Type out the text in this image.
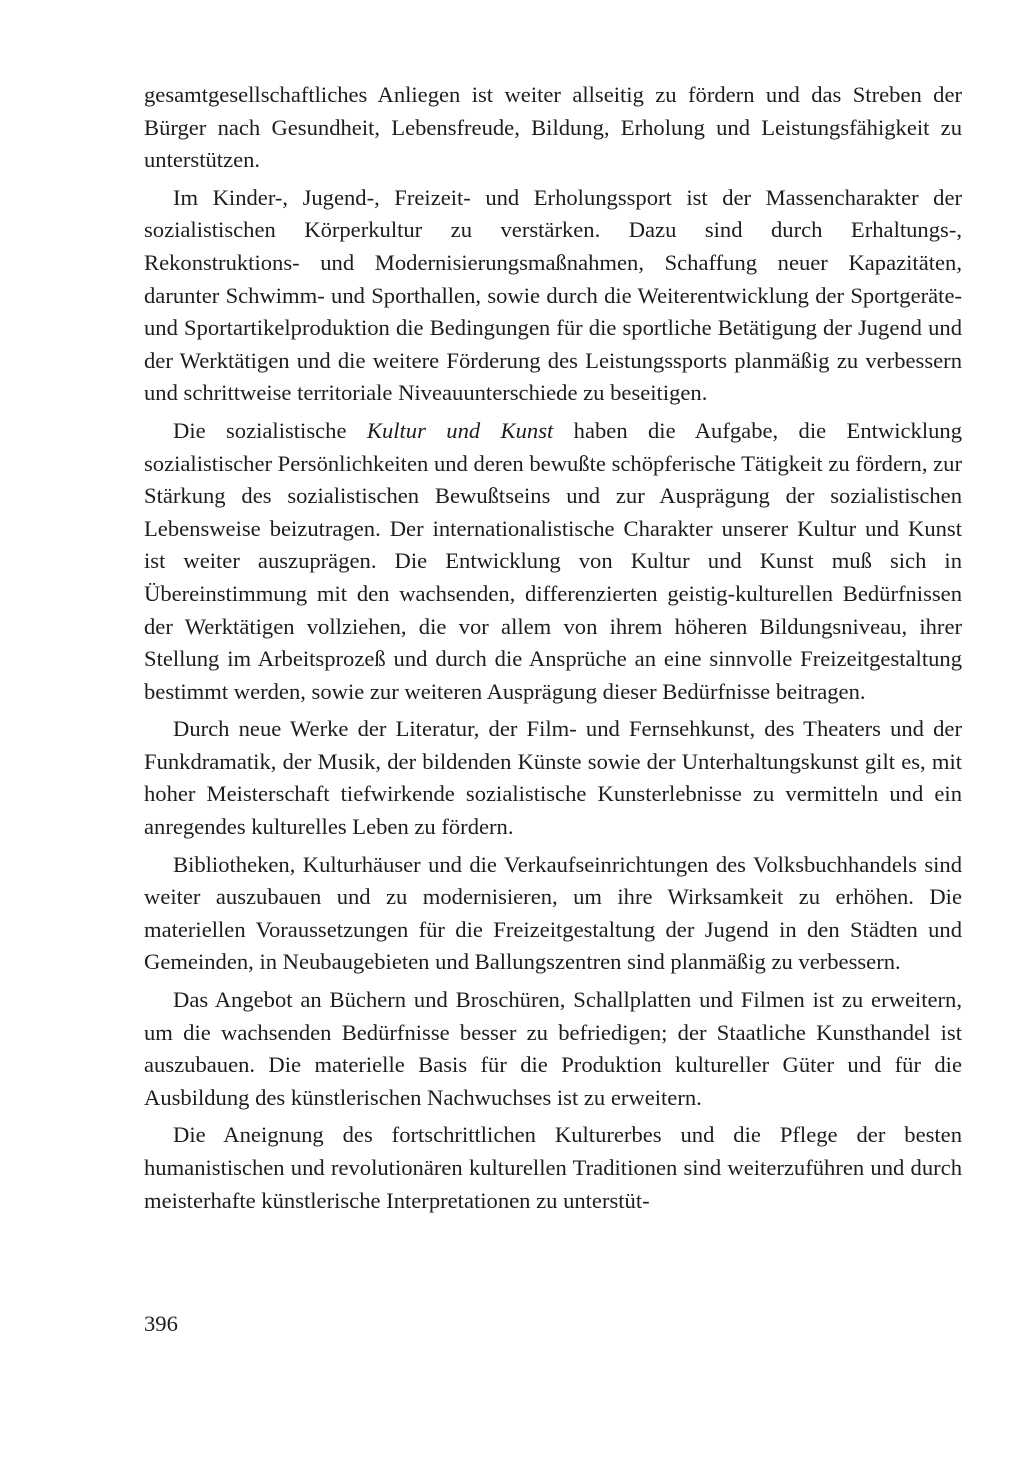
gesamtgesellschaftliches Anliegen ist weiter allseitig zu fördern und das Streben der Bürger nach Gesundheit, Lebensfreude, Bildung, Erholung und Leistungsfähigkeit zu unterstützen.

Im Kinder-, Jugend-, Freizeit- und Erholungssport ist der Massencharakter der sozialistischen Körperkultur zu verstärken. Dazu sind durch Erhaltungs-, Rekonstruktions- und Modernisierungsmaßnahmen, Schaffung neuer Kapazitäten, darunter Schwimm- und Sporthallen, sowie durch die Weiterentwicklung der Sportgeräte- und Sportartikelproduktion die Bedingungen für die sportliche Betätigung der Jugend und der Werktätigen und die weitere Förderung des Leistungssports planmäßig zu verbessern und schrittweise territoriale Niveauunterschiede zu beseitigen.

Die sozialistische Kultur und Kunst haben die Aufgabe, die Entwicklung sozialistischer Persönlichkeiten und deren bewußte schöpferische Tätigkeit zu fördern, zur Stärkung des sozialistischen Bewußtseins und zur Ausprägung der sozialistischen Lebensweise beizutragen. Der internationalistische Charakter unserer Kultur und Kunst ist weiter auszuprägen. Die Entwicklung von Kultur und Kunst muß sich in Übereinstimmung mit den wachsenden, differenzierten geistig-kulturellen Bedürfnissen der Werktätigen vollziehen, die vor allem von ihrem höheren Bildungsniveau, ihrer Stellung im Arbeitsprozeß und durch die Ansprüche an eine sinnvolle Freizeitgestaltung bestimmt werden, sowie zur weiteren Ausprägung dieser Bedürfnisse beitragen.

Durch neue Werke der Literatur, der Film- und Fernsehkunst, des Theaters und der Funkdramatik, der Musik, der bildenden Künste sowie der Unterhaltungskunst gilt es, mit hoher Meisterschaft tiefwirkende sozialistische Kunsterlebnisse zu vermitteln und ein anregendes kulturelles Leben zu fördern.

Bibliotheken, Kulturhäuser und die Verkaufseinrichtungen des Volksbuchhandels sind weiter auszubauen und zu modernisieren, um ihre Wirksamkeit zu erhöhen. Die materiellen Voraussetzungen für die Freizeitgestaltung der Jugend in den Städten und Gemeinden, in Neubaugebieten und Ballungszentren sind planmäßig zu verbessern.

Das Angebot an Büchern und Broschüren, Schallplatten und Filmen ist zu erweitern, um die wachsenden Bedürfnisse besser zu befriedigen; der Staatliche Kunsthandel ist auszubauen. Die materielle Basis für die Produktion kultureller Güter und für die Ausbildung des künstlerischen Nachwuchses ist zu erweitern.

Die Aneignung des fortschrittlichen Kulturerbes und die Pflege der besten humanistischen und revolutionären kulturellen Traditionen sind weiterzuführen und durch meisterhafte künstlerische Interpretationen zu unterstüt-

396
